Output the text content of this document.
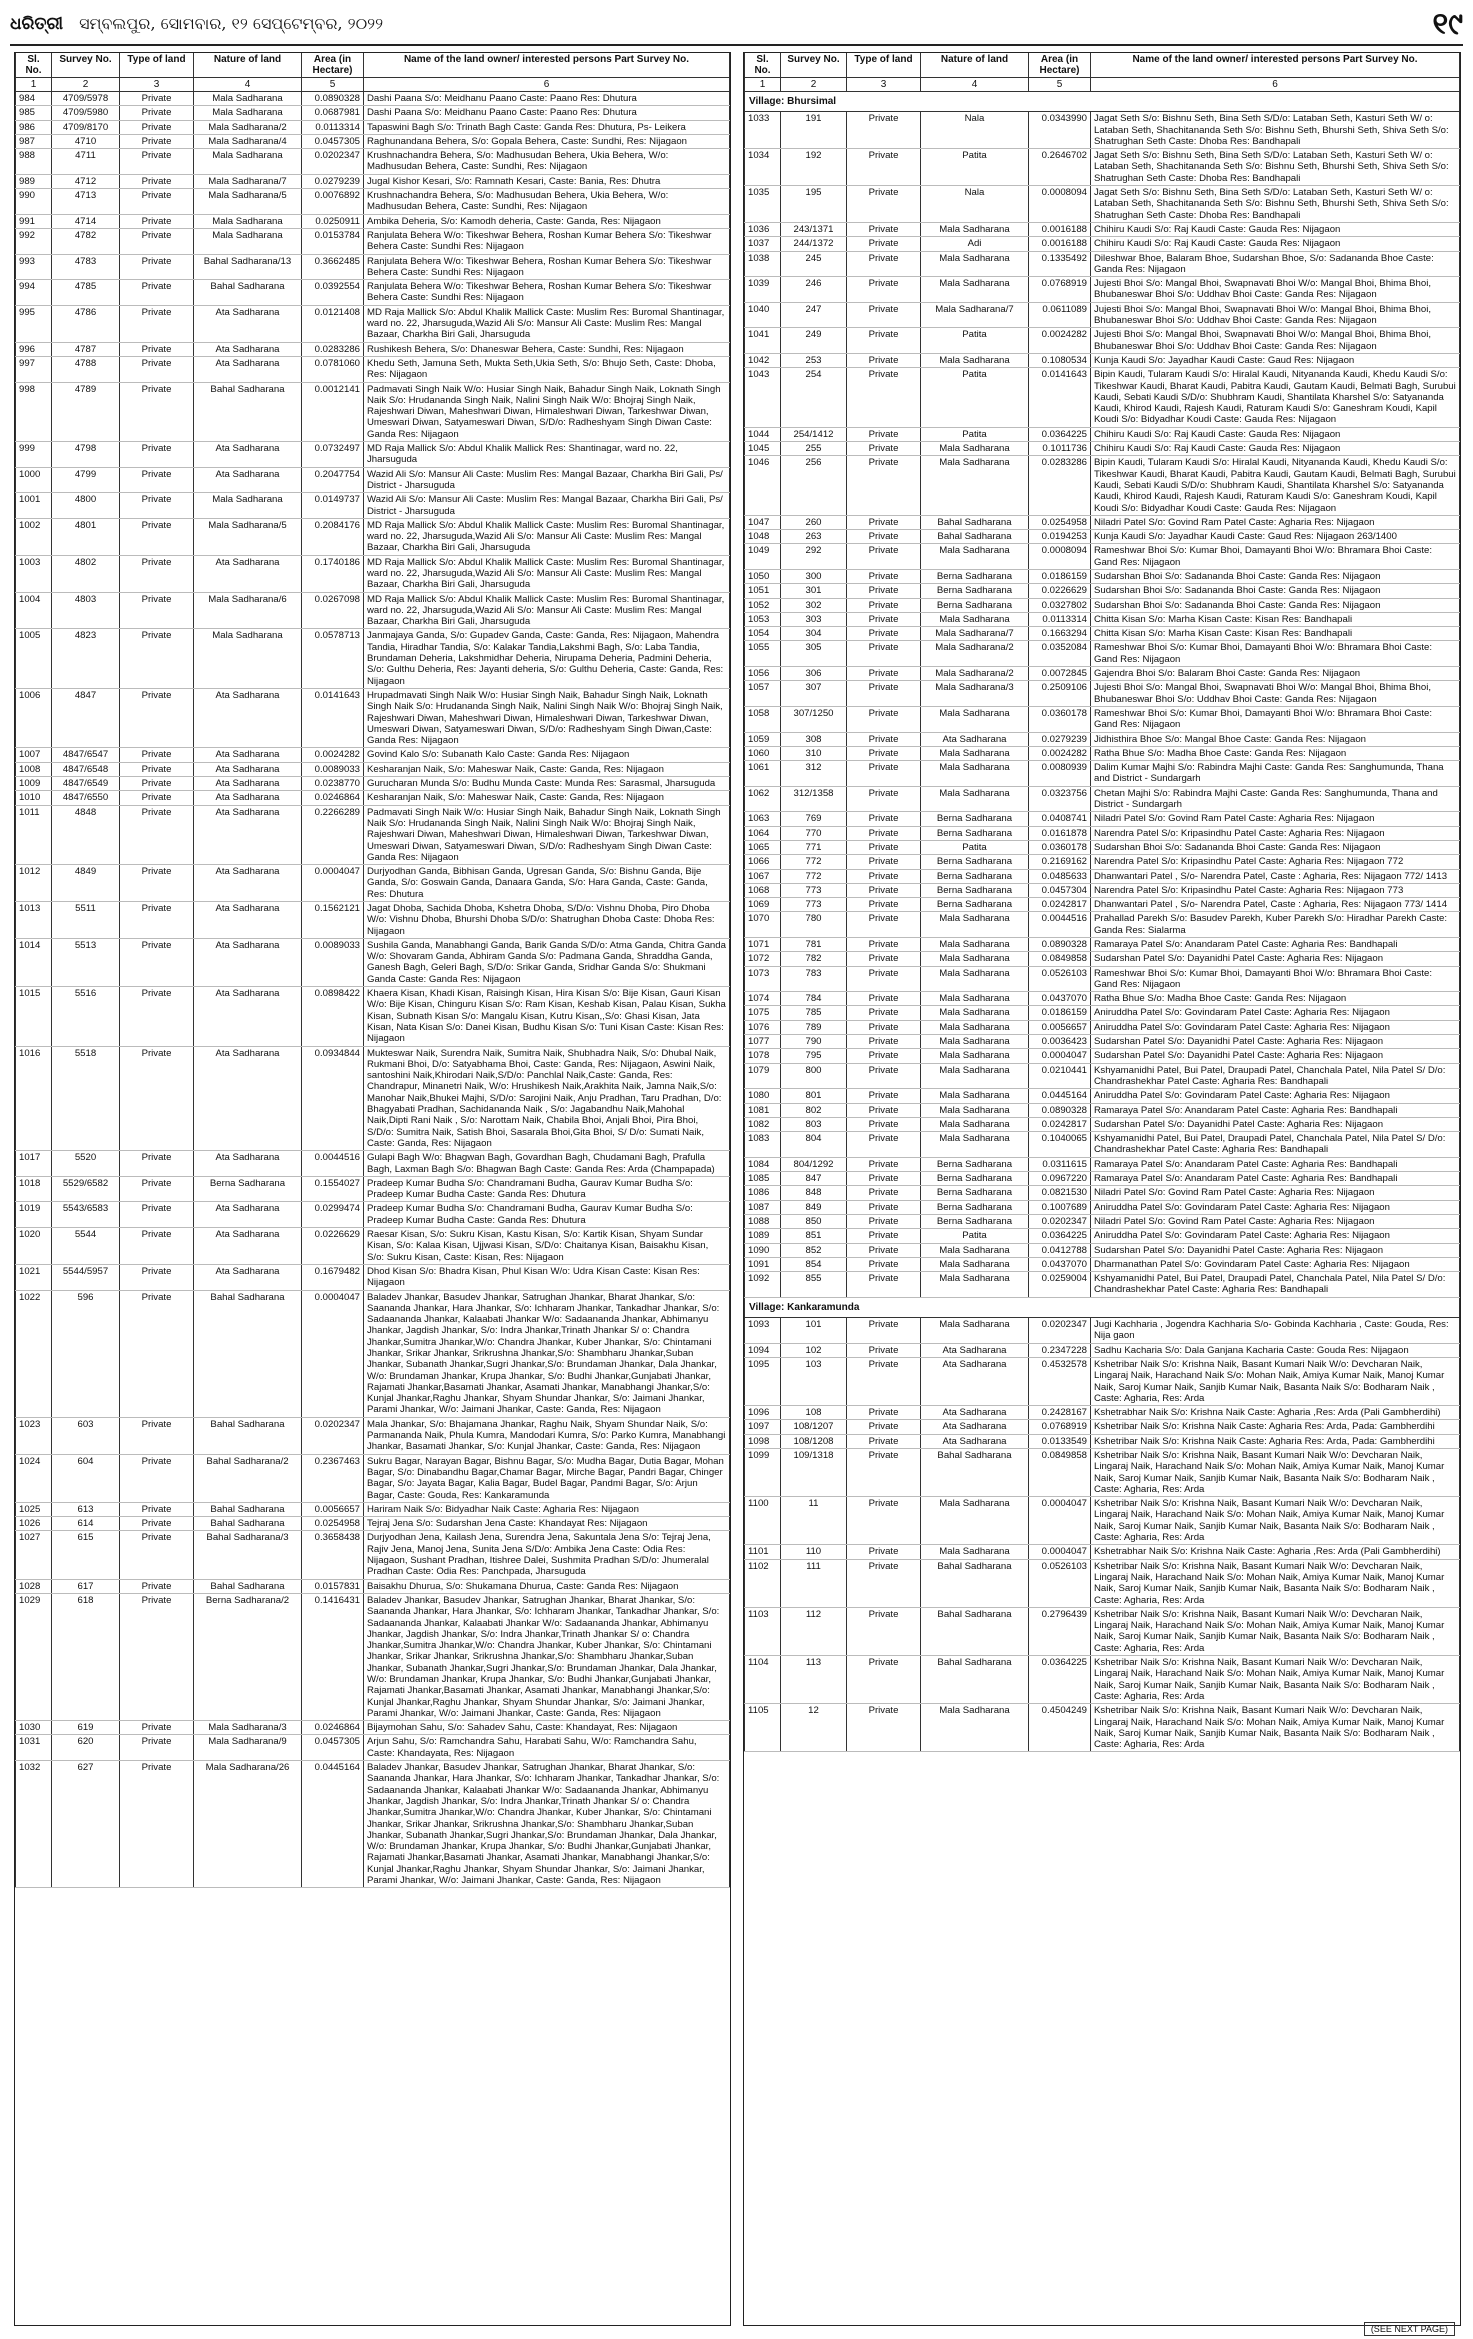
ଧରିତ୍ରୀ ସମ୍ବଲପୁର, ସୋମବାର, ୧୨ ସେପ୍ଟେମ୍ବର, ୨୦୨୨	୧୯
Sl. No.	Survey No.	Type of land	Nature of land	Area (in Hectare)	Name of the land owner/ interested persons Part Survey No.
1	2	3	4	5	6
984	4709/5978	Private	Mala Sadharana	0.0890328	Dashi Paana S/o: Meidhanu Paano Caste: Paano Res: Dhutura
985	4709/5980	Private	Mala Sadharana	0.0687981	Dashi Paana S/o: Meidhanu Paano Caste: Paano Res: Dhutura
986	4709/8170	Private	Mala Sadharana/2	0.0113314	Tapaswini Bagh S/o: Trinath Bagh Caste: Ganda Res: Dhutura, Ps- Leikera
987	4710	Private	Mala Sadharana/4	0.0457305	Raghunandana Behera, S/o: Gopala Behera, Caste: Sundhi, Res: Nijagaon
988	4711	Private	Mala Sadharana	0.0202347	Krushnachandra Behera, S/o: Madhusudan Behera, Ukia Behera, W/o: Madhusudan Behera, Caste: Sundhi, Res: Nijagaon
989	4712	Private	Mala Sadharana/7	0.0279239	Jugal Kishor Kesari, S/o: Ramnath Kesari, Caste: Bania, Res: Dhutra
990	4713	Private	Mala Sadharana/5	0.0076892	Krushnachandra Behera, S/o: Madhusudan Behera, Ukia Behera, W/o: Madhusudan Behera, Caste: Sundhi, Res: Nijagaon
991	4714	Private	Mala Sadharana	0.0250911	Ambika Deheria, S/o: Kamodh deheria, Caste: Ganda, Res: Nijagaon
992	4782	Private	Mala Sadharana	0.0153784	Ranjulata Behera W/o: Tikeshwar Behera, Roshan Kumar Behera S/o: Tikeshwar Behera Caste: Sundhi Res: Nijagaon
993	4783	Private	Bahal Sadharana/13	0.3662485	Ranjulata Behera W/o: Tikeshwar Behera, Roshan Kumar Behera S/o: Tikeshwar Behera Caste: Sundhi Res: Nijagaon
994	4785	Private	Bahal Sadharana	0.0392554	Ranjulata Behera W/o: Tikeshwar Behera, Roshan Kumar Behera S/o: Tikeshwar Behera Caste: Sundhi Res: Nijagaon
995	4786	Private	Ata Sadharana	0.0121408	MD Raja Mallick S/o: Abdul Khalik Mallick Caste: Muslim Res: Buromal Shantinagar, ward no. 22, Jharsuguda,Wazid Ali S/o: Mansur Ali Caste: Muslim Res: Mangal Bazaar, Charkha Biri Gali, Jharsuguda
996	4787	Private	Ata Sadharana	0.0283286	Rushikesh Behera, S/o: Dhaneswar Behera, Caste: Sundhi, Res: Nijagaon
997	4788	Private	Ata Sadharana	0.0781060	Khedu Seth, Jamuna Seth, Mukta Seth,Ukia Seth, S/o: Bhujo Seth, Caste: Dhoba, Res: Nijagaon
998	4789	Private	Bahal Sadharana	0.0012141	Padmavati Singh Naik W/o: Husiar Singh Naik, Bahadur Singh Naik, Loknath Singh Naik S/o: Hrudananda Singh Naik, Nalini Singh Naik W/o: Bhojraj Singh Naik, Rajeshwari Diwan, Maheshwari Diwan, Himaleshwari Diwan, Tarkeshwar Diwan, Umeswari Diwan, Satyameswari Diwan, S/D/o: Radheshyam Singh Diwan Caste: Ganda Res: Nijagaon
999	4798	Private	Ata Sadharana	0.0732497	MD Raja Mallick S/o: Abdul Khalik Mallick Res: Shantinagar, ward no. 22, Jharsuguda
1000	4799	Private	Ata Sadharana	0.2047754	Wazid Ali S/o: Mansur Ali Caste: Muslim Res: Mangal Bazaar, Charkha Biri Gali, Ps/ District - Jharsuguda
1001	4800	Private	Mala Sadharana	0.0149737	Wazid Ali S/o: Mansur Ali Caste: Muslim Res: Mangal Bazaar, Charkha Biri Gali, Ps/ District - Jharsuguda
1002	4801	Private	Mala Sadharana/5	0.2084176	MD Raja Mallick S/o: Abdul Khalik Mallick Caste: Muslim Res: Buromal Shantinagar, ward no. 22, Jharsuguda,Wazid Ali S/o: Mansur Ali Caste: Muslim Res: Mangal Bazaar, Charkha Biri Gali, Jharsuguda
1003	4802	Private	Ata Sadharana	0.1740186	MD Raja Mallick S/o: Abdul Khalik Mallick Caste: Muslim Res: Buromal Shantinagar, ward no. 22, Jharsuguda,Wazid Ali S/o: Mansur Ali Caste: Muslim Res: Mangal Bazaar, Charkha Biri Gali, Jharsuguda
1004	4803	Private	Mala Sadharana/6	0.0267098	MD Raja Mallick S/o: Abdul Khalik Mallick Caste: Muslim Res: Buromal Shantinagar, ward no. 22, Jharsuguda,Wazid Ali S/o: Mansur Ali Caste: Muslim Res: Mangal Bazaar, Charkha Biri Gali, Jharsuguda
1005	4823	Private	Mala Sadharana	0.0578713	Janmajaya Ganda, S/o: Gupadev Ganda, Caste: Ganda, Res: Nijagaon, Mahendra Tandia, Hiradhar Tandia, S/o: Kalakar Tandia,Lakshmi Bagh, S/o: Laba Tandia, Brundaman Deheria, Lakshmidhar Deheria, Nirupama Deheria, Padmini Deheria, S/o: Gulthu Deheria, Res: Jayanti deheria, S/o: Gulthu Deheria, Caste: Ganda, Res: Nijagaon
1006	4847	Private	Ata Sadharana	0.0141643	Hrupadmavati Singh Naik W/o: Husiar Singh Naik, Bahadur Singh Naik, Loknath Singh Naik S/o: Hrudananda Singh Naik, Nalini Singh Naik W/o: Bhojraj Singh Naik, Rajeshwari Diwan, Maheshwari Diwan, Himaleshwari Diwan, Tarkeshwar Diwan, Umeswari Diwan, Satyameswari Diwan, S/D/o: Radheshyam Singh Diwan,Caste: Ganda Res: Nijagaon
1007	4847/6547	Private	Ata Sadharana	0.0024282	Govind Kalo S/o: Subanath Kalo Caste: Ganda Res: Nijagaon
1008	4847/6548	Private	Ata Sadharana	0.0089033	Kesharanjan Naik, S/o: Maheswar Naik, Caste: Ganda, Res: Nijagaon
1009	4847/6549	Private	Ata Sadharana	0.0238770	Gurucharan Munda S/o: Budhu Munda Caste: Munda Res: Sarasmal, Jharsuguda
1010	4847/6550	Private	Ata Sadharana	0.0246864	Kesharanjan Naik, S/o: Maheswar Naik, Caste: Ganda, Res: Nijagaon
1011	4848	Private	Ata Sadharana	0.2266289	Padmavati Singh Naik W/o: Husiar Singh Naik, Bahadur Singh Naik, Loknath Singh Naik S/o: Hrudananda Singh Naik, Nalini Singh Naik W/o: Bhojraj Singh Naik, Rajeshwari Diwan, Maheshwari Diwan, Himaleshwari Diwan, Tarkeshwar Diwan, Umeswari Diwan, Satyameswari Diwan, S/D/o: Radheshyam Singh Diwan Caste: Ganda Res: Nijagaon
1012	4849	Private	Ata Sadharana	0.0004047	Durjyodhan Ganda, Bibhisan Ganda, Ugresan Ganda, S/o: Bishnu Ganda, Bije Ganda, S/o: Goswain Ganda, Danaara Ganda, S/o: Hara Ganda, Caste: Ganda, Res: Dhutura
1013	5511	Private	Ata Sadharana	0.1562121	Jagat Dhoba, Sachida Dhoba, Kshetra Dhoba, S/D/o: Vishnu Dhoba, Piro Dhoba W/o: Vishnu Dhoba, Bhurshi Dhoba S/D/o: Shatrughan Dhoba Caste: Dhoba Res: Nijagaon
1014	5513	Private	Ata Sadharana	0.0089033	Sushila Ganda, Manabhangi Ganda, Barik Ganda S/D/o: Atma Ganda, Chitra Ganda W/o: Shovaram Ganda, Abhiram Ganda S/o: Padmana Ganda, Shraddha Ganda, Ganesh Bagh, Geleri Bagh, S/D/o: Srikar Ganda, Sridhar Ganda S/o: Shukmani Ganda Caste: Ganda Res: Nijagaon
1015	5516	Private	Ata Sadharana	0.0898422	Khaera Kisan, Khadi Kisan, Raisingh Kisan, Hira Kisan S/o: Bije Kisan, Gauri Kisan W/o: Bije Kisan, Chinguru Kisan S/o: Ram Kisan, Keshab Kisan, Palau Kisan, Sukha Kisan, Subnath Kisan S/o: Mangalu Kisan, Kutru Kisan,,S/o: Ghasi Kisan, Jata Kisan, Nata Kisan S/o: Danei Kisan, Budhu Kisan S/o: Tuni Kisan Caste: Kisan Res: Nijagaon
1016	5518	Private	Ata Sadharana	0.0934844	Mukteswar Naik, Surendra Naik, Sumitra Naik, Shubhadra Naik, S/o: Dhubal Naik, Rukmani Bhoi, D/o: Satyabhama Bhoi, Caste: Ganda, Res: Nijagaon, Aswini Naik, santoshini Naik,Khirodari Naik,S/D/o: Panchlal Naik,Caste: Ganda, Res: Chandrapur, Minanetri Naik, W/o: Hrushikesh Naik,Arakhita Naik, Jamna Naik,S/o: Manohar Naik,Bhukei Majhi, S/D/o: Sarojini Naik, Anju Pradhan, Taru Pradhan, D/o: Bhagyabati Pradhan, Sachidananda Naik , S/o: Jagabandhu Naik,Mahohal Naik,Dipti Rani Naik , S/o: Narottam Naik, Chabila Bhoi, Anjali Bhoi, Pira Bhoi, S/D/o: Sumitra Naik, Satish Bhoi, Sasarala Bhoi,Gita Bhoi, S/ D/o: Sumati Naik, Caste: Ganda, Res: Nijagaon
1017	5520	Private	Ata Sadharana	0.0044516	Gulapi Bagh W/o: Bhagwan Bagh, Govardhan Bagh, Chudamani Bagh, Prafulla Bagh, Laxman Bagh S/o: Bhagwan Bagh Caste: Ganda Res: Arda (Champapada)
1018	5529/6582	Private	Berna Sadharana	0.1554027	Pradeep Kumar Budha S/o: Chandramani Budha, Gaurav Kumar Budha S/o: Pradeep Kumar Budha Caste: Ganda Res: Dhutura
1019	5543/6583	Private	Ata Sadharana	0.0299474	Pradeep Kumar Budha S/o: Chandramani Budha, Gaurav Kumar Budha S/o: Pradeep Kumar Budha Caste: Ganda Res: Dhutura
1020	5544	Private	Ata Sadharana	0.0226629	Raesar Kisan, S/o: Sukru Kisan, Kastu Kisan, S/o: Kartik Kisan, Shyam Sundar Kisan, S/o: Kalaa Kisan, Ujjwasi Kisan, S/D/o: Chaitanya Kisan, Baisakhu Kisan, S/o: Sukru Kisan, Caste: Kisan, Res: Nijagaon
1021	5544/5957	Private	Ata Sadharana	0.1679482	Dhod Kisan S/o: Bhadra Kisan, Phul Kisan W/o: Udra Kisan Caste: Kisan Res: Nijagaon
1022	596	Private	Bahal Sadharana	0.0004047	Baladev Jhankar, Basudev Jhankar, Satrughan Jhankar, Bharat Jhankar, S/o: Saananda Jhankar, Hara Jhankar, S/o: Ichharam Jhankar, Tankadhar Jhankar, S/o: Sadaananda Jhankar, Kalaabati Jhankar W/o: Sadaananda Jhankar, Abhimanyu Jhankar, Jagdish Jhankar, S/o: Indra Jhankar,Trinath Jhankar S/ o: Chandra Jhankar,Sumitra Jhankar,W/o: Chandra Jhankar, Kuber Jhankar, S/o: Chintamani Jhankar, Srikar Jhankar, Srikrushna Jhankar,S/o: Shambharu Jhankar,Suban Jhankar, Subanath Jhankar,Sugri Jhankar,S/o: Brundaman Jhankar, Dala Jhankar, W/o: Brundaman Jhankar, Krupa Jhankar, S/o: Budhi Jhankar,Gunjabati Jhankar, Rajamati Jhankar,Basamati Jhankar, Asamati Jhankar, Manabhangi Jhankar,S/o: Kunjal Jhankar,Raghu Jhankar, Shyam Shundar Jhankar, S/o: Jaimani Jhankar, Parami Jhankar, W/o: Jaimani Jhankar, Caste: Ganda, Res: Nijagaon
1023	603	Private	Bahal Sadharana	0.0202347	Mala Jhankar, S/o: Bhajamana Jhankar, Raghu Naik, Shyam Shundar Naik, S/o: Parmananda Naik, Phula Kumra, Mandodari Kumra, S/o: Parko Kumra, Manabhangi Jhankar, Basamati Jhankar, S/o: Kunjal Jhankar, Caste: Ganda, Res: Nijagaon
1024	604	Private	Bahal Sadharana/2	0.2367463	Sukru Bagar, Narayan Bagar, Bishnu Bagar, S/o: Mudha Bagar, Dutia Bagar, Mohan Bagar, S/o: Dinabandhu Bagar,Chamar Bagar, Mirche Bagar, Pandri Bagar, Chinger Bagar, S/o: Jayata Bagar, Kalia Bagar, Budel Bagar, Pandmi Bagar, S/o: Arjun Bagar, Caste: Gouda, Res: Kankaramunda
1025	613	Private	Bahal Sadharana	0.0056657	Hariram Naik S/o: Bidyadhar Naik Caste: Agharia Res: Nijagaon
1026	614	Private	Bahal Sadharana	0.0254958	Tejraj Jena S/o: Sudarshan Jena Caste: Khandayat Res: Nijagaon
1027	615	Private	Bahal Sadharana/3	0.3658438	Durjyodhan Jena, Kailash Jena, Surendra Jena, Sakuntala Jena S/o: Tejraj Jena, Rajiv Jena, Manoj Jena, Sunita Jena S/D/o: Ambika Jena Caste: Odia Res: Nijagaon, Sushant Pradhan, Itishree Dalei, Sushmita Pradhan S/D/o: Jhumeralal Pradhan Caste: Odia Res: Panchpada, Jharsuguda
1028	617	Private	Bahal Sadharana	0.0157831	Baisakhu Dhurua, S/o: Shukamana Dhurua, Caste: Ganda Res: Nijagaon
1029	618	Private	Berna Sadharana/2	0.1416431	Baladev Jhankar, Basudev Jhankar, Satrughan Jhankar, Bharat Jhankar, S/o: Saananda Jhankar, Hara Jhankar, S/o: Ichharam Jhankar, Tankadhar Jhankar, S/o: Sadaananda Jhankar, Kalaabati Jhankar W/o: Sadaananda Jhankar, Abhimanyu Jhankar, Jagdish Jhankar, S/o: Indra Jhankar,Trinath Jhankar S/ o: Chandra Jhankar,Sumitra Jhankar,W/o: Chandra Jhankar, Kuber Jhankar, S/o: Chintamani Jhankar, Srikar Jhankar, Srikrushna Jhankar,S/o: Shambharu Jhankar,Suban Jhankar, Subanath Jhankar,Sugri Jhankar,S/o: Brundaman Jhankar, Dala Jhankar, W/o: Brundaman Jhankar, Krupa Jhankar, S/o: Budhi Jhankar,Gunjabati Jhankar, Rajamati Jhankar,Basamati Jhankar, Asamati Jhankar, Manabhangi Jhankar,S/o: Kunjal Jhankar,Raghu Jhankar, Shyam Shundar Jhankar, S/o: Jaimani Jhankar, Parami Jhankar, W/o: Jaimani Jhankar, Caste: Ganda, Res: Nijagaon
1030	619	Private	Mala Sadharana/3	0.0246864	Bijaymohan Sahu, S/o: Sahadev Sahu, Caste: Khandayat, Res: Nijagaon
1031	620	Private	Mala Sadharana/9	0.0457305	Arjun Sahu, S/o: Ramchandra Sahu, Harabati Sahu, W/o: Ramchandra Sahu, Caste: Khandayata, Res: Nijagaon
1032	627	Private	Mala Sadharana/26	0.0445164	Baladev Jhankar, Basudev Jhankar, Satrughan Jhankar, Bharat Jhankar, S/o: Saananda Jhankar, Hara Jhankar, S/o: Ichharam Jhankar, Tankadhar Jhankar, S/o: Sadaananda Jhankar, Kalaabati Jhankar W/o: Sadaananda Jhankar, Abhimanyu Jhankar, Jagdish Jhankar, S/o: Indra Jhankar,Trinath Jhankar S/ o: Chandra Jhankar,Sumitra Jhankar,W/o: Chandra Jhankar, Kuber Jhankar, S/o: Chintamani Jhankar, Srikar Jhankar, Srikrushna Jhankar,S/o: Shambharu Jhankar,Suban Jhankar, Subanath Jhankar,Sugri Jhankar,S/o: Brundaman Jhankar, Dala Jhankar, W/o: Brundaman Jhankar, Krupa Jhankar, S/o: Budhi Jhankar,Gunjabati Jhankar, Rajamati Jhankar,Basamati Jhankar, Asamati Jhankar, Manabhangi Jhankar,S/o: Kunjal Jhankar,Raghu Jhankar, Shyam Shundar Jhankar, S/o: Jaimani Jhankar, Parami Jhankar, W/o: Jaimani Jhankar, Caste: Ganda, Res: Nijagaon
Sl. No.	Survey No.	Type of land	Nature of land	Area (in Hectare)	Name of the land owner/ interested persons Part Survey No.
1	2	3	4	5	6
Village: Bhursimal					
1033	191	Private	Nala	0.0343990	Jagat Seth S/o: Bishnu Seth, Bina Seth S/D/o: Lataban Seth, Kasturi Seth W/ o: Lataban Seth, Shachitananda Seth S/o: Bishnu Seth, Bhurshi Seth, Shiva Seth S/o: Shatrughan Seth Caste: Dhoba Res: Bandhapali
1034	192	Private	Patita	0.2646702	Jagat Seth S/o: Bishnu Seth, Bina Seth S/D/o: Lataban Seth, Kasturi Seth W/ o: Lataban Seth, Shachitananda Seth S/o: Bishnu Seth, Bhurshi Seth, Shiva Seth S/o: Shatrughan Seth Caste: Dhoba Res: Bandhapali
1035	195	Private	Nala	0.0008094	Jagat Seth S/o: Bishnu Seth, Bina Seth S/D/o: Lataban Seth, Kasturi Seth W/ o: Lataban Seth, Shachitananda Seth S/o: Bishnu Seth, Bhurshi Seth, Shiva Seth S/o: Shatrughan Seth Caste: Dhoba Res: Bandhapali
1036	243/1371	Private	Mala Sadharana	0.0016188	Chihiru Kaudi S/o: Raj Kaudi Caste: Gauda Res: Nijagaon
1037	244/1372	Private	Adi	0.0016188	Chihiru Kaudi S/o: Raj Kaudi Caste: Gauda Res: Nijagaon
1038	245	Private	Mala Sadharana	0.1335492	Dileshwar Bhoe, Balaram Bhoe, Sudarshan Bhoe, S/o: Sadananda Bhoe Caste: Ganda Res: Nijagaon
1039	246	Private	Mala Sadharana	0.0768919	Jujesti Bhoi S/o: Mangal Bhoi, Swapnavati Bhoi W/o: Mangal Bhoi, Bhima Bhoi, Bhubaneswar Bhoi S/o: Uddhav Bhoi Caste: Ganda Res: Nijagaon
1040	247	Private	Mala Sadharana/7	0.0611089	Jujesti Bhoi S/o: Mangal Bhoi, Swapnavati Bhoi W/o: Mangal Bhoi, Bhima Bhoi, Bhubaneswar Bhoi S/o: Uddhav Bhoi Caste: Ganda Res: Nijagaon
1041	249	Private	Patita	0.0024282	Jujesti Bhoi S/o: Mangal Bhoi, Swapnavati Bhoi W/o: Mangal Bhoi, Bhima Bhoi, Bhubaneswar Bhoi S/o: Uddhav Bhoi Caste: Ganda Res: Nijagaon
1042	253	Private	Mala Sadharana	0.1080534	Kunja Kaudi S/o: Jayadhar Kaudi Caste: Gaud Res: Nijagaon
1043	254	Private	Patita	0.0141643	Bipin Kaudi, Tularam Kaudi S/o: Hiralal Kaudi, Nityananda Kaudi, Khedu Kaudi S/o: Tikeshwar Kaudi, Bharat Kaudi, Pabitra Kaudi, Gautam Kaudi, Belmati Bagh, Surubui Kaudi, Sebati Kaudi S/D/o: Shubhram Kaudi, Shantilata Kharshel S/o: Satyananda Kaudi, Khirod Kaudi, Rajesh Kaudi, Raturam Kaudi S/o: Ganeshram Koudi, Kapil Koudi S/o: Bidyadhar Koudi Caste: Gauda Res: Nijagaon
1044	254/1412	Private	Patita	0.0364225	Chihiru Kaudi S/o: Raj Kaudi Caste: Gauda Res: Nijagaon
1045	255	Private	Mala Sadharana	0.1011736	Chihiru Kaudi S/o: Raj Kaudi Caste: Gauda Res: Nijagaon
1046	256	Private	Mala Sadharana	0.0283286	Bipin Kaudi, Tularam Kaudi S/o: Hiralal Kaudi, Nityananda Kaudi, Khedu Kaudi S/o: Tikeshwar Kaudi, Bharat Kaudi, Pabitra Kaudi, Gautam Kaudi, Belmati Bagh, Surubui Kaudi, Sebati Kaudi S/D/o: Shubhram Kaudi, Shantilata Kharshel S/o: Satyananda Kaudi, Khirod Kaudi, Rajesh Kaudi, Raturam Kaudi S/o: Ganeshram Koudi, Kapil Koudi S/o: Bidyadhar Koudi Caste: Gauda Res: Nijagaon
1047	260	Private	Bahal Sadharana	0.0254958	Niladri Patel S/o: Govind Ram Patel Caste: Agharia Res: Nijagaon
1048	263	Private	Bahal Sadharana	0.0194253	Kunja Kaudi S/o: Jayadhar Kaudi Caste: Gaud Res: Nijagaon 263/1400
1049	292	Private	Mala Sadharana	0.0008094	Rameshwar Bhoi S/o: Kumar Bhoi, Damayanti Bhoi W/o: Bhramara Bhoi Caste: Gand Res: Nijagaon
1050	300	Private	Berna Sadharana	0.0186159	Sudarshan Bhoi S/o: Sadananda Bhoi Caste: Ganda Res: Nijagaon
1051	301	Private	Berna Sadharana	0.0226629	Sudarshan Bhoi S/o: Sadananda Bhoi Caste: Ganda Res: Nijagaon
1052	302	Private	Berna Sadharana	0.0327802	Sudarshan Bhoi S/o: Sadananda Bhoi Caste: Ganda Res: Nijagaon
1053	303	Private	Mala Sadharana	0.0113314	Chitta Kisan S/o: Marha Kisan Caste: Kisan Res: Bandhapali
1054	304	Private	Mala Sadharana/7	0.1663294	Chitta Kisan S/o: Marha Kisan Caste: Kisan Res: Bandhapali
1055	305	Private	Mala Sadharana/2	0.0352084	Rameshwar Bhoi S/o: Kumar Bhoi, Damayanti Bhoi W/o: Bhramara Bhoi Caste: Gand Res: Nijagaon
1056	306	Private	Mala Sadharana/2	0.0072845	Gajendra Bhoi S/o: Balaram Bhoi Caste: Ganda Res: Nijagaon
1057	307	Private	Mala Sadharana/3	0.2509106	Jujesti Bhoi S/o: Mangal Bhoi, Swapnavati Bhoi W/o: Mangal Bhoi, Bhima Bhoi, Bhubaneswar Bhoi S/o: Uddhav Bhoi Caste: Ganda Res: Nijagaon
1058	307/1250	Private	Mala Sadharana	0.0360178	Rameshwar Bhoi S/o: Kumar Bhoi, Damayanti Bhoi W/o: Bhramara Bhoi Caste: Gand Res: Nijagaon
1059	308	Private	Ata Sadharana	0.0279239	Jidhisthira Bhoe S/o: Mangal Bhoe Caste: Ganda Res: Nijagaon
1060	310	Private	Mala Sadharana	0.0024282	Ratha Bhue S/o: Madha Bhoe Caste: Ganda Res: Nijagaon
1061	312	Private	Mala Sadharana	0.0080939	Dalim Kumar Majhi S/o: Rabindra Majhi Caste: Ganda Res: Sanghumunda, Thana and District - Sundargarh
1062	312/1358	Private	Mala Sadharana	0.0323756	Chetan Majhi S/o: Rabindra Majhi Caste: Ganda Res: Sanghumunda, Thana and District - Sundargarh
1063	769	Private	Berna Sadharana	0.0408741	Niladri Patel S/o: Govind Ram Patel Caste: Agharia Res: Nijagaon
1064	770	Private	Berna Sadharana	0.0161878	Narendra Patel S/o: Kripasindhu Patel Caste: Agharia Res: Nijagaon
1065	771	Private	Patita	0.0360178	Sudarshan Bhoi S/o: Sadananda Bhoi Caste: Ganda Res: Nijagaon
1066	772	Private	Berna Sadharana	0.2169162	Narendra Patel S/o: Kripasindhu Patel Caste: Agharia Res: Nijagaon 772
1067	772	Private	Berna Sadharana	0.0485633	Dhanwantari Patel , S/o- Narendra Patel, Caste : Agharia, Res: Nijagaon 772/ 1413
1068	773	Private	Berna Sadharana	0.0457304	Narendra Patel S/o: Kripasindhu Patel Caste: Agharia Res: Nijagaon 773
1069	773	Private	Berna Sadharana	0.0242817	Dhanwantari Patel , S/o- Narendra Patel, Caste : Agharia, Res: Nijagaon 773/ 1414
1070	780	Private	Mala Sadharana	0.0044516	Prahallad Parekh S/o: Basudev Parekh, Kuber Parekh S/o: Hiradhar Parekh Caste: Ganda Res: Sialarma
1071	781	Private	Mala Sadharana	0.0890328	Ramaraya Patel S/o: Anandaram Patel Caste: Agharia Res: Bandhapali
1072	782	Private	Mala Sadharana	0.0849858	Sudarshan Patel S/o: Dayanidhi Patel Caste: Agharia Res: Nijagaon
1073	783	Private	Mala Sadharana	0.0526103	Rameshwar Bhoi S/o: Kumar Bhoi, Damayanti Bhoi W/o: Bhramara Bhoi Caste: Gand Res: Nijagaon
1074	784	Private	Mala Sadharana	0.0437070	Ratha Bhue S/o: Madha Bhoe Caste: Ganda Res: Nijagaon
1075	785	Private	Mala Sadharana	0.0186159	Aniruddha Patel S/o: Govindaram Patel Caste: Agharia Res: Nijagaon
1076	789	Private	Mala Sadharana	0.0056657	Aniruddha Patel S/o: Govindaram Patel Caste: Agharia Res: Nijagaon
1077	790	Private	Mala Sadharana	0.0036423	Sudarshan Patel S/o: Dayanidhi Patel Caste: Agharia Res: Nijagaon
1078	795	Private	Mala Sadharana	0.0004047	Sudarshan Patel S/o: Dayanidhi Patel Caste: Agharia Res: Nijagaon
1079	800	Private	Mala Sadharana	0.0210441	Kshyamanidhi Patel, Bui Patel, Draupadi Patel, Chanchala Patel, Nila Patel S/ D/o: Chandrashekhar Patel Caste: Agharia Res: Bandhapali
1080	801	Private	Mala Sadharana	0.0445164	Aniruddha Patel S/o: Govindaram Patel Caste: Agharia Res: Nijagaon
1081	802	Private	Mala Sadharana	0.0890328	Ramaraya Patel S/o: Anandaram Patel Caste: Agharia Res: Bandhapali
1082	803	Private	Mala Sadharana	0.0242817	Sudarshan Patel S/o: Dayanidhi Patel Caste: Agharia Res: Nijagaon
1083	804	Private	Mala Sadharana	0.1040065	Kshyamanidhi Patel, Bui Patel, Draupadi Patel, Chanchala Patel, Nila Patel S/ D/o: Chandrashekhar Patel Caste: Agharia Res: Bandhapali
1084	804/1292	Private	Berna Sadharana	0.0311615	Ramaraya Patel S/o: Anandaram Patel Caste: Agharia Res: Bandhapali
1085	847	Private	Berna Sadharana	0.0967220	Ramaraya Patel S/o: Anandaram Patel Caste: Agharia Res: Bandhapali
1086	848	Private	Berna Sadharana	0.0821530	Niladri Patel S/o: Govind Ram Patel Caste: Agharia Res: Nijagaon
1087	849	Private	Berna Sadharana	0.1007689	Aniruddha Patel S/o: Govindaram Patel Caste: Agharia Res: Nijagaon
1088	850	Private	Berna Sadharana	0.0202347	Niladri Patel S/o: Govind Ram Patel Caste: Agharia Res: Nijagaon
1089	851	Private	Patita	0.0364225	Aniruddha Patel S/o: Govindaram Patel Caste: Agharia Res: Nijagaon
1090	852	Private	Mala Sadharana	0.0412788	Sudarshan Patel S/o: Dayanidhi Patel Caste: Agharia Res: Nijagaon
1091	854	Private	Mala Sadharana	0.0437070	Dharmanathan Patel S/o: Govindaram Patel Caste: Agharia Res: Nijagaon
1092	855	Private	Mala Sadharana	0.0259004	Kshyamanidhi Patel, Bui Patel, Draupadi Patel, Chanchala Patel, Nila Patel S/ D/o: Chandrashekhar Patel Caste: Agharia Res: Bandhapali
Village: Kankaramunda					
1093	101	Private	Mala Sadharana	0.0202347	Jugi Kachharia , Jogendra Kachharia S/o- Gobinda Kachharia , Caste: Gouda, Res: Nija gaon
1094	102	Private	Ata Sadharana	0.2347228	Sadhu Kacharia S/o: Dala Ganjana Kacharia Caste: Gouda Res: Nijagaon
1095	103	Private	Ata Sadharana	0.4532578	Kshetribar Naik S/o: Krishna Naik, Basant Kumari Naik W/o: Devcharan Naik, Lingaraj Naik, Harachand Naik S/o: Mohan Naik, Amiya Kumar Naik, Manoj Kumar Naik, Saroj Kumar Naik, Sanjib Kumar Naik, Basanta Naik S/o: Bodharam Naik , Caste: Agharia, Res: Arda
1096	108	Private	Ata Sadharana	0.2428167	Kshetrabhar Naik S/o: Krishna Naik Caste: Agharia ,Res: Arda (Pali Gambherdihi)
1097	108/1207	Private	Ata Sadharana	0.0768919	Kshetribar Naik S/o: Krishna Naik Caste: Agharia Res: Arda, Pada: Gambherdihi
1098	108/1208	Private	Ata Sadharana	0.0133549	Kshetribar Naik S/o: Krishna Naik Caste: Agharia Res: Arda, Pada: Gambherdihi
1099	109/1318	Private	Bahal Sadharana	0.0849858	Kshetribar Naik S/o: Krishna Naik, Basant Kumari Naik W/o: Devcharan Naik, Lingaraj Naik, Harachand Naik S/o: Mohan Naik, Amiya Kumar Naik, Manoj Kumar Naik, Saroj Kumar Naik, Sanjib Kumar Naik, Basanta Naik S/o: Bodharam Naik , Caste: Agharia, Res: Arda
1100	11	Private	Mala Sadharana	0.0004047	Kshetribar Naik S/o: Krishna Naik, Basant Kumari Naik W/o: Devcharan Naik, Lingaraj Naik, Harachand Naik S/o: Mohan Naik, Amiya Kumar Naik, Manoj Kumar Naik, Saroj Kumar Naik, Sanjib Kumar Naik, Basanta Naik S/o: Bodharam Naik , Caste: Agharia, Res: Arda
1101	110	Private	Mala Sadharana	0.0004047	Kshetrabhar Naik S/o: Krishna Naik Caste: Agharia ,Res: Arda (Pali Gambherdihi)
1102	111	Private	Bahal Sadharana	0.0526103	Kshetribar Naik S/o: Krishna Naik, Basant Kumari Naik W/o: Devcharan Naik, Lingaraj Naik, Harachand Naik S/o: Mohan Naik, Amiya Kumar Naik, Manoj Kumar Naik, Saroj Kumar Naik, Sanjib Kumar Naik, Basanta Naik S/o: Bodharam Naik , Caste: Agharia, Res: Arda
1103	112	Private	Bahal Sadharana	0.2796439	Kshetribar Naik S/o: Krishna Naik, Basant Kumari Naik W/o: Devcharan Naik, Lingaraj Naik, Harachand Naik S/o: Mohan Naik, Amiya Kumar Naik, Manoj Kumar Naik, Saroj Kumar Naik, Sanjib Kumar Naik, Basanta Naik S/o: Bodharam Naik , Caste: Agharia, Res: Arda
1104	113	Private	Bahal Sadharana	0.0364225	Kshetribar Naik S/o: Krishna Naik, Basant Kumari Naik W/o: Devcharan Naik, Lingaraj Naik, Harachand Naik S/o: Mohan Naik, Amiya Kumar Naik, Manoj Kumar Naik, Saroj Kumar Naik, Sanjib Kumar Naik, Basanta Naik S/o: Bodharam Naik , Caste: Agharia, Res: Arda
1105	12	Private	Mala Sadharana	0.4504249	Kshetribar Naik S/o: Krishna Naik, Basant Kumari Naik W/o: Devcharan Naik, Lingaraj Naik, Harachand Naik S/o: Mohan Naik, Amiya Kumar Naik, Manoj Kumar Naik, Saroj Kumar Naik, Sanjib Kumar Naik, Basanta Naik S/o: Bodharam Naik , Caste: Agharia, Res: Arda
(SEE NEXT PAGE)
